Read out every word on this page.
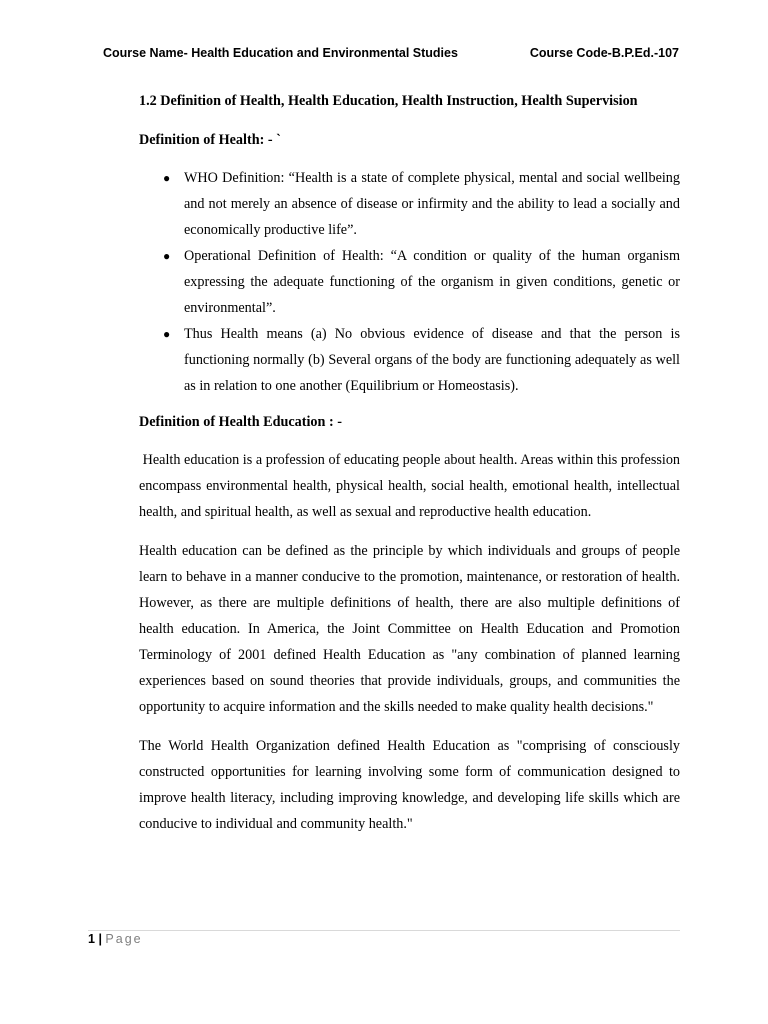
Course Name- Health Education and Environmental Studies	Course Code-B.P.Ed.-107
1.2 Definition of Health, Health Education, Health Instruction, Health Supervision
Definition of Health: - `
● WHO Definition: “Health is a state of complete physical, mental and social wellbeing and not merely an absence of disease or infirmity and the ability to lead a socially and economically productive life”.
● Operational Definition of Health: “A condition or quality of the human organism expressing the adequate functioning of the organism in given conditions, genetic or environmental”.
● Thus Health means (a) No obvious evidence of disease and that the person is functioning normally (b) Several organs of the body are functioning adequately as well as in relation to one another (Equilibrium or Homeostasis).
Definition of Health Education : -

Health education is a profession of educating people about health. Areas within this profession encompass environmental health, physical health, social health, emotional health, intellectual health, and spiritual health, as well as sexual and reproductive health education.

Health education can be defined as the principle by which individuals and groups of people learn to behave in a manner conducive to the promotion, maintenance, or restoration of health. However, as there are multiple definitions of health, there are also multiple definitions of health education. In America, the Joint Committee on Health Education and Promotion Terminology of 2001 defined Health Education as "any combination of planned learning experiences based on sound theories that provide individuals, groups, and communities the opportunity to acquire information and the skills needed to make quality health decisions."

The World Health Organization defined Health Education as "comprising of consciously constructed opportunities for learning involving some form of communication designed to improve health literacy, including improving knowledge, and developing life skills which are conducive to individual and community health."

1 | Page
